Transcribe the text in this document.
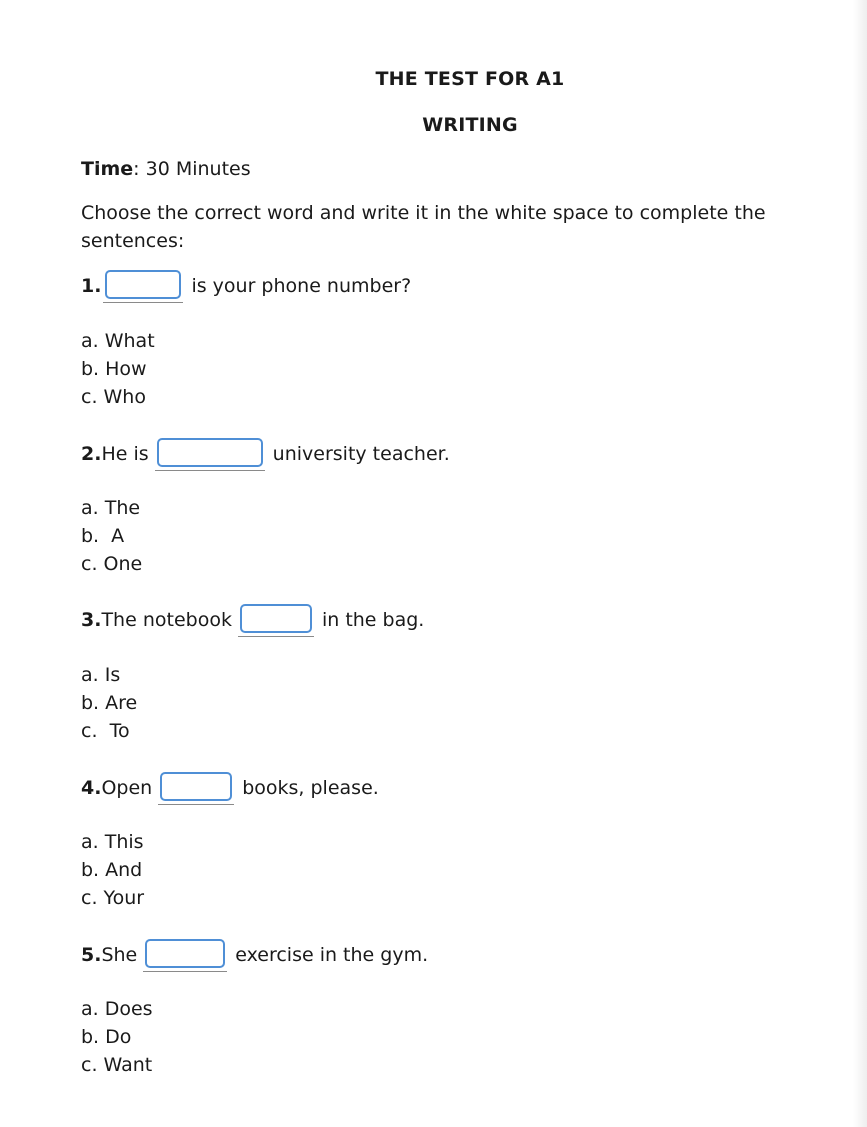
THE TEST FOR A1
WRITING
Time: 30 Minutes
Choose the correct word and write it in the white space to complete the
sentences:
1.	is your phone number?
a. What
b. How
c. Who
2.He is	university teacher.
a. The
b.  A
c. One
3.The notebook	in the bag.
a. Is
b. Are
c.  To
4.Open	books, please.
a. This
b. And
c. Your
5.She	exercise in the gym.
a. Does
b. Do
c. Want
